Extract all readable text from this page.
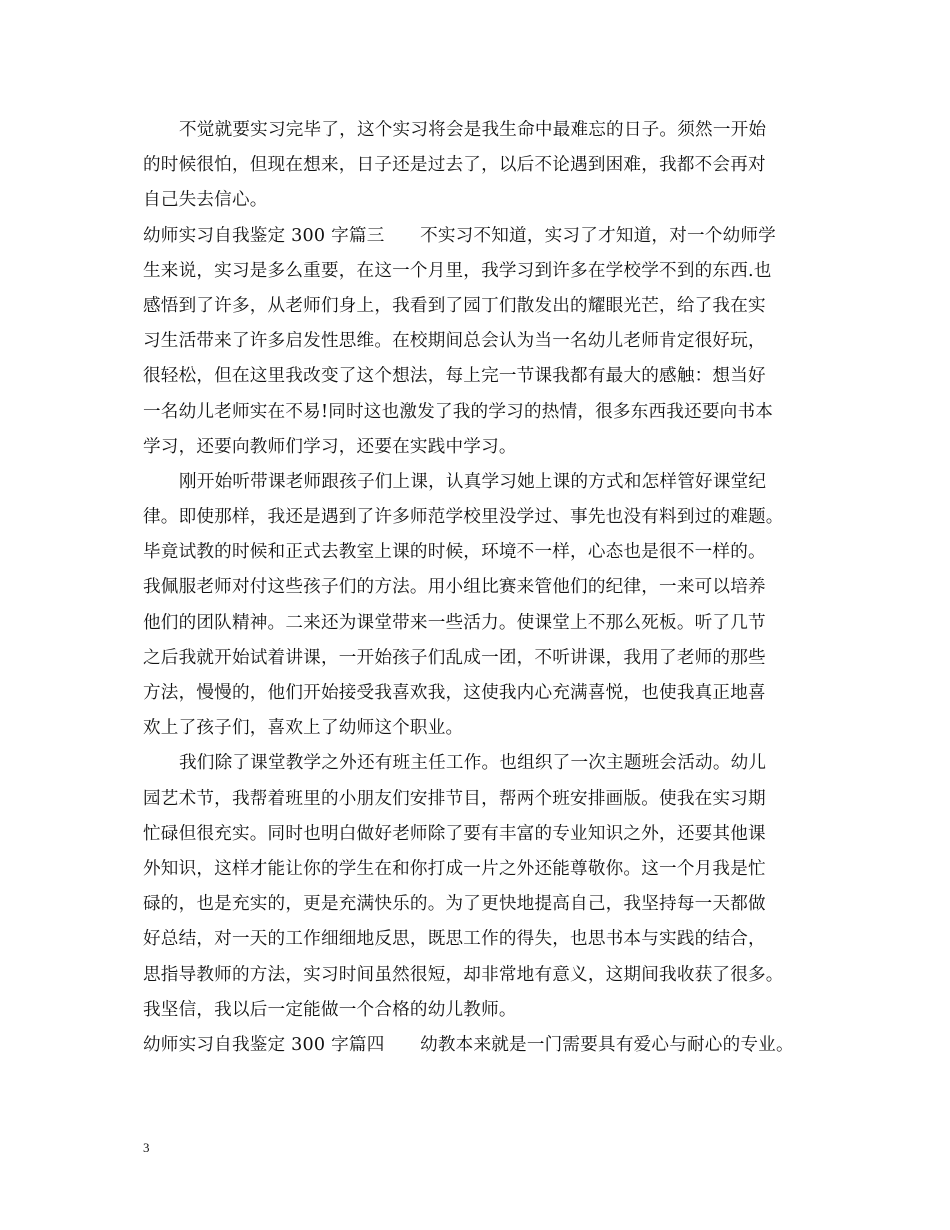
不觉就要实习完毕了，这个实习将会是我生命中最难忘的日子。须然一开始
的时候很怕，但现在想来，日子还是过去了，以后不论遇到困难，我都不会再对
自己失去信心。
幼师实习自我鉴定 300 字篇三　　不实习不知道，实习了才知道，对一个幼师学
生来说，实习是多么重要，在这一个月里，我学习到许多在学校学不到的东西.也
感悟到了许多，从老师们身上，我看到了园丁们散发出的耀眼光芒，给了我在实
习生活带来了许多启发性思维。在校期间总会认为当一名幼儿老师肯定很好玩，
很轻松，但在这里我改变了这个想法，每上完一节课我都有最大的感触：想当好
一名幼儿老师实在不易!同时这也激发了我的学习的热情，很多东西我还要向书本
学习，还要向教师们学习，还要在实践中学习。
刚开始听带课老师跟孩子们上课，认真学习她上课的方式和怎样管好课堂纪
律。即使那样，我还是遇到了许多师范学校里没学过、事先也没有料到过的难题。
毕竟试教的时候和正式去教室上课的时候，环境不一样，心态也是很不一样的。
我佩服老师对付这些孩子们的方法。用小组比赛来管他们的纪律，一来可以培养
他们的团队精神。二来还为课堂带来一些活力。使课堂上不那么死板。听了几节
之后我就开始试着讲课，一开始孩子们乱成一团，不听讲课，我用了老师的那些
方法，慢慢的，他们开始接受我喜欢我，这使我内心充满喜悦，也使我真正地喜
欢上了孩子们，喜欢上了幼师这个职业。
我们除了课堂教学之外还有班主任工作。也组织了一次主题班会活动。幼儿
园艺术节，我帮着班里的小朋友们安排节目，帮两个班安排画版。使我在实习期
忙碌但很充实。同时也明白做好老师除了要有丰富的专业知识之外，还要其他课
外知识，这样才能让你的学生在和你打成一片之外还能尊敬你。这一个月我是忙
碌的，也是充实的，更是充满快乐的。为了更快地提高自己，我坚持每一天都做
好总结，对一天的工作细细地反思，既思工作的得失，也思书本与实践的结合，
思指导教师的方法，实习时间虽然很短，却非常地有意义，这期间我收获了很多。
我坚信，我以后一定能做一个合格的幼儿教师。
幼师实习自我鉴定 300 字篇四　　幼教本来就是一门需要具有爱心与耐心的专业。
3
